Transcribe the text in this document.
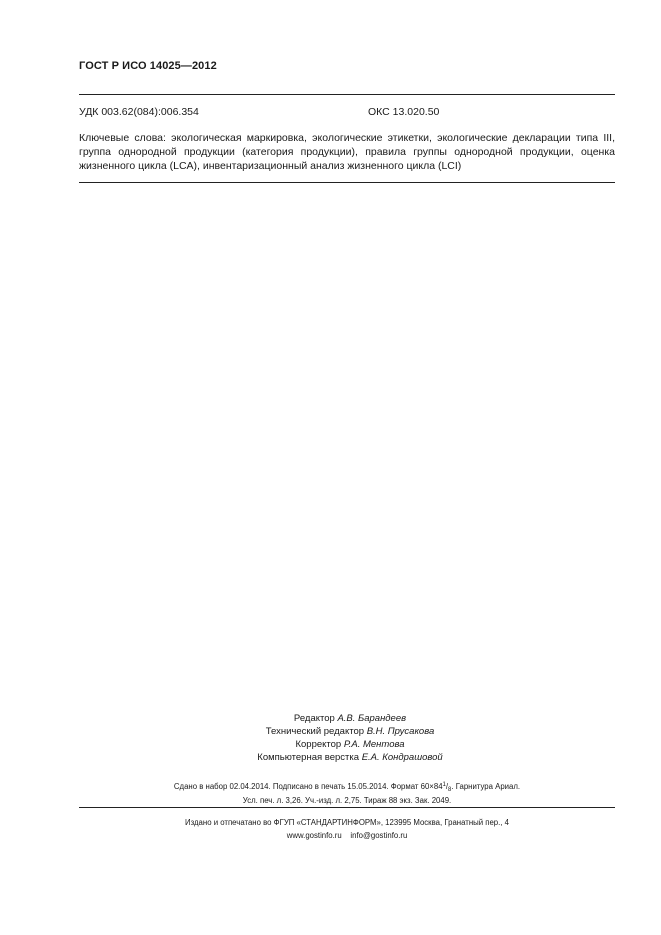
ГОСТ Р ИСО 14025—2012
УДК 003.62(084):006.354	ОКС 13.020.50
Ключевые слова: экологическая маркировка, экологические этикетки, экологические декларации типа III, группа однородной продукции (категория продукции), правила группы однородной продукции, оценка жизненного цикла (LCA), инвентаризационный анализ жизненного цикла (LCI)
Редактор А.В. Барандеев
Технический редактор В.Н. Прусакова
Корректор Р.А. Ментова
Компьютерная верстка Е.А. Кондрашовой
Сдано в набор 02.04.2014. Подписано в печать 15.05.2014. Формат $60\times 84^1/_8$. Гарнитура Ариал.
Усл. печ. л. 3,26. Уч.-изд. л. 2,75. Тираж 88 экз. Зак. 2049.
Издано и отпечатано во ФГУП «СТАНДАРТИНФОРМ», 123995 Москва, Гранатный пер., 4
www.gostinfo.ru    info@gostinfo.ru
